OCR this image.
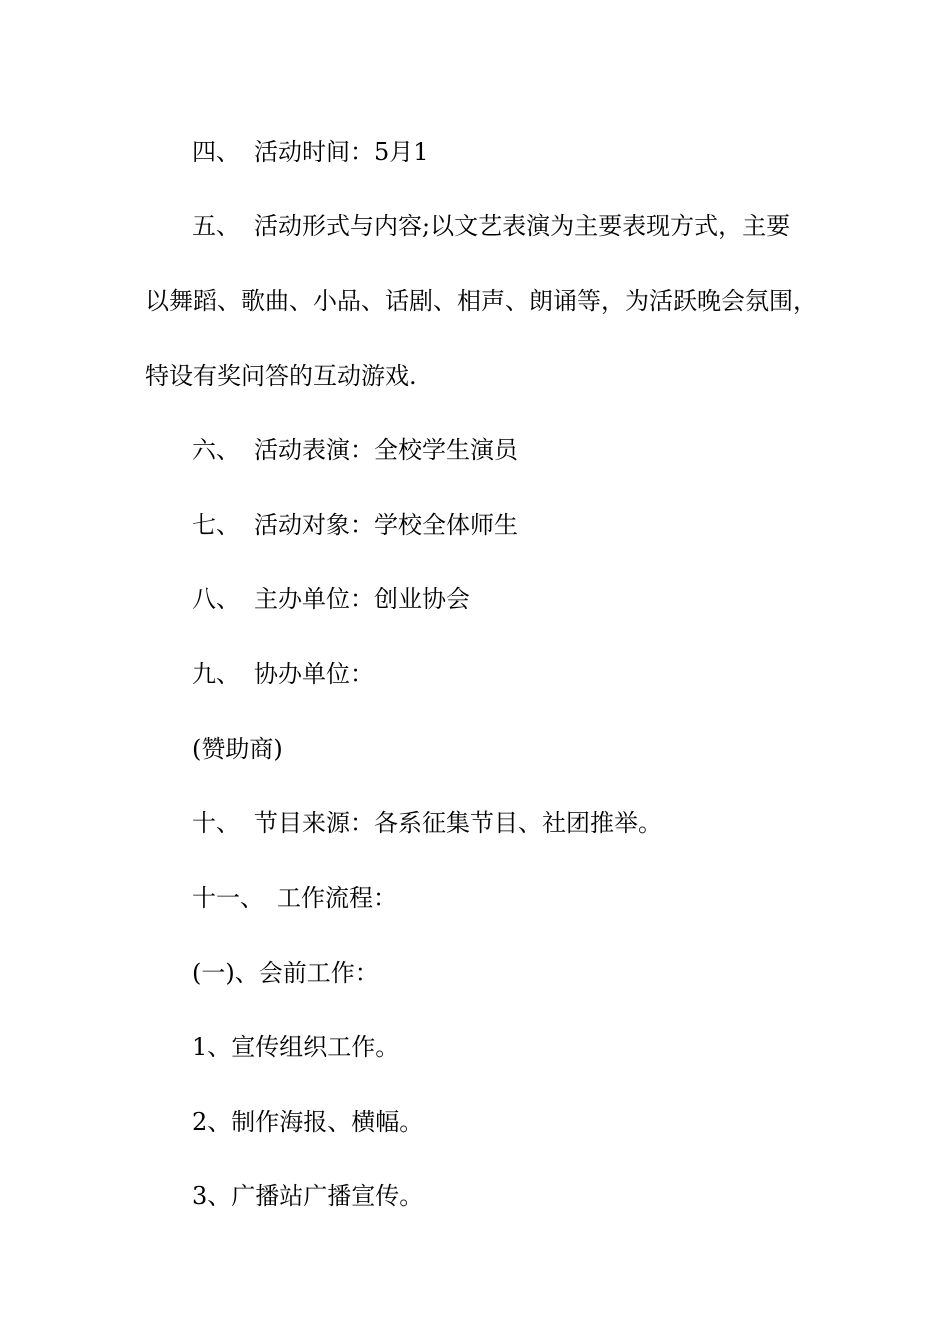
四、 活动时间：5月1
五、 活动形式与内容;以文艺表演为主要表现方式，主要
以舞蹈、歌曲、小品、话剧、相声、朗诵等，为活跃晚会氛围，
特设有奖问答的互动游戏.
六、 活动表演：全校学生演员
七、 活动对象：学校全体师生
八、 主办单位：创业协会
九、 协办单位：
(赞助商)
十、 节目来源：各系征集节目、社团推举。
十一、 工作流程：
(一)、会前工作：
1、宣传组织工作。
2、制作海报、横幅。
3、广播站广播宣传。
